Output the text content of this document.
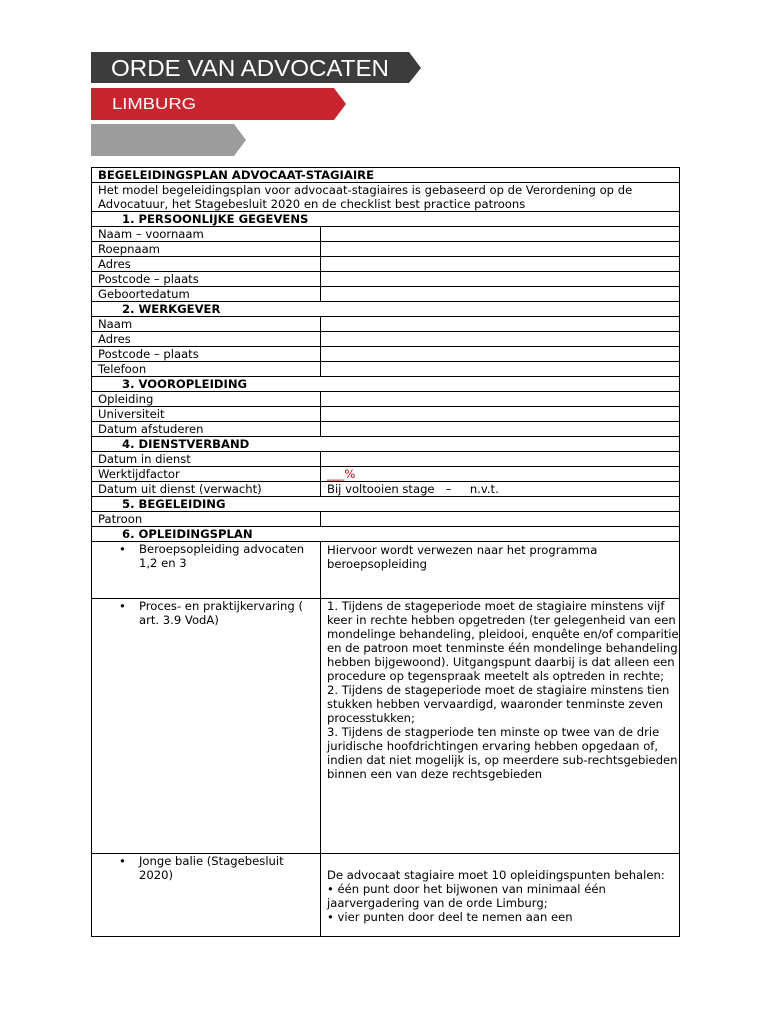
ORDE VAN ADVOCATEN
LIMBURG
BEGELEIDINGSPLAN ADVOCAAT-STAGIAIRE	
Het model begeleidingsplan voor advocaat-stagiaires is gebaseerd op de Verordening op de Advocatuur, het Stagebesluit 2020 en de checklist best practice patroons	
1. PERSOONLIJKE GEGEVENS	
Naam – voornaam	
Roepnaam	
Adres	
Postcode – plaats	
Geboortedatum	
2. WERKGEVER	
Naam	
Adres	
Postcode – plaats	
Telefoon	
3. VOOROPLEIDING	
Opleiding	
Universiteit	
Datum afstuderen	
4. DIENSTVERBAND	
Datum in dienst	
Werktijdfactor	___%
Datum uit dienst (verwacht)	Bij voltooien stage   –     n.v.t.
5. BEGELEIDING	
Patroon	
6. OPLEIDINGSPLAN	

• Beroepsopleiding advocaten 1,2 en 3	Hiervoor wordt verwezen naar het programma beroepsopleiding

• Proces- en praktijkervaring ( art. 3.9 VodA)	1. Tijdens de stageperiode moet de stagiaire minstens vijf keer in rechte hebben opgetreden (ter gelegenheid van een mondelinge behandeling, pleidooi, enquête en/of comparitie en de patroon moet tenminste één mondelinge behandeling hebben bijgewoond). Uitgangspunt daarbij is dat alleen een procedure op tegenspraak meetelt als optreden in rechte;
2. Tijdens de stageperiode moet de stagiaire minstens tien stukken hebben vervaardigd, waaronder tenminste zeven processtukken;
3. Tijdens de stagperiode ten minste op twee van de drie juridische hoofdrichtingen ervaring hebben opgedaan of, indien dat niet mogelijk is, op meerdere sub-rechtsgebieden binnen een van deze rechtsgebieden

• Jonge balie (Stagebesluit 2020)	De advocaat stagiaire moet 10 opleidingspunten behalen:
• één punt door het bijwonen van minimaal één jaarvergadering van de orde Limburg;
• vier punten door deel te nemen aan een
